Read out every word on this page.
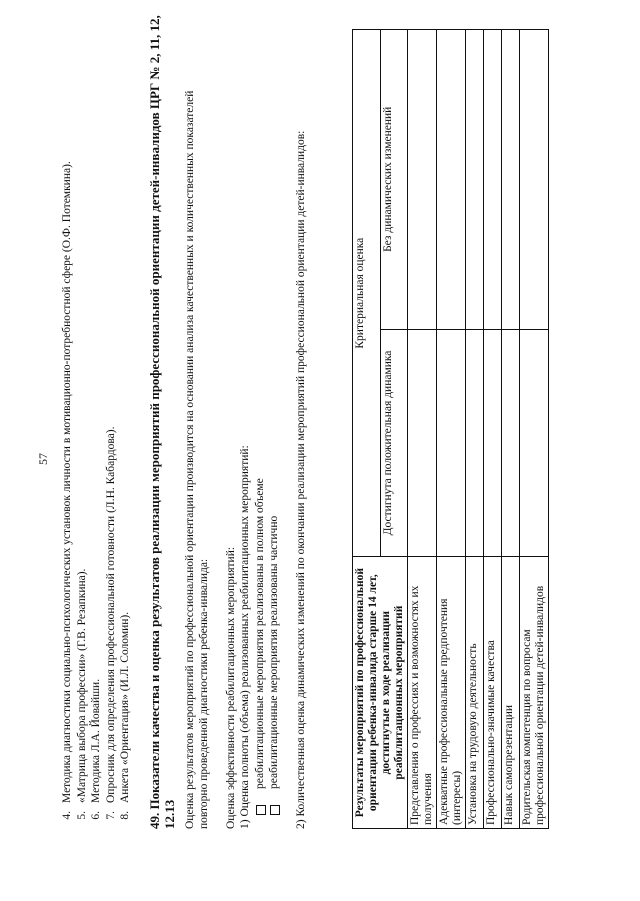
57
4.
Методика диагностики социально-психологических установок личности в мотивационно-потребностной сфере (О.Ф. Потемкина).
5.
«Матрица выбора профессии» (Г.В. Резапкина).
6.
Методика Л.А. Йовайши.
7.
Опросник для определения профессиональной готовности (Л.Н. Кабардова).
8.
Анкета «Ориентация» (И.Л. Соломин). 49. Показатели качества и оценка результатов реализации мероприятий профессиональной ориентации детей-инвалидов ЦРГ № 2, 11, 12, 12.13 Оценка результатов мероприятий по профессиональной ориентации производится на основании анализа качественных и количественных показателей повторно проведенной диагностики ребенка-инвалида: Оценка эффективности реабилитационных мероприятий: 1) Оценка полноты (объема) реализованных реабилитационных мероприятий: реабилитационные мероприятия реализованы в полном объеме реабилитационные мероприятия реализованы частично 2) Количественная оценка динамических изменений по окончании реализации мероприятий профессиональной ориентации детей-инвалидов:	Результаты мероприятий по профессиональной ориентации ребенка-инвалида старше 14 лет, достигнутые в ходе реализации реабилитационных мероприятий	Критериальная оценка	
	Достигнута положительная динамика	Без динамических изменений
Представления о профессиях и возможностях их получения		
Адекватные профессиональные предпочтения (интересы)		
Установка на трудовую деятельность		
Профессионально-значимые качества		
Навык самопрезентации		
Родительская компетенция по вопросам профессиональной ориентации детей-инвалидов		
